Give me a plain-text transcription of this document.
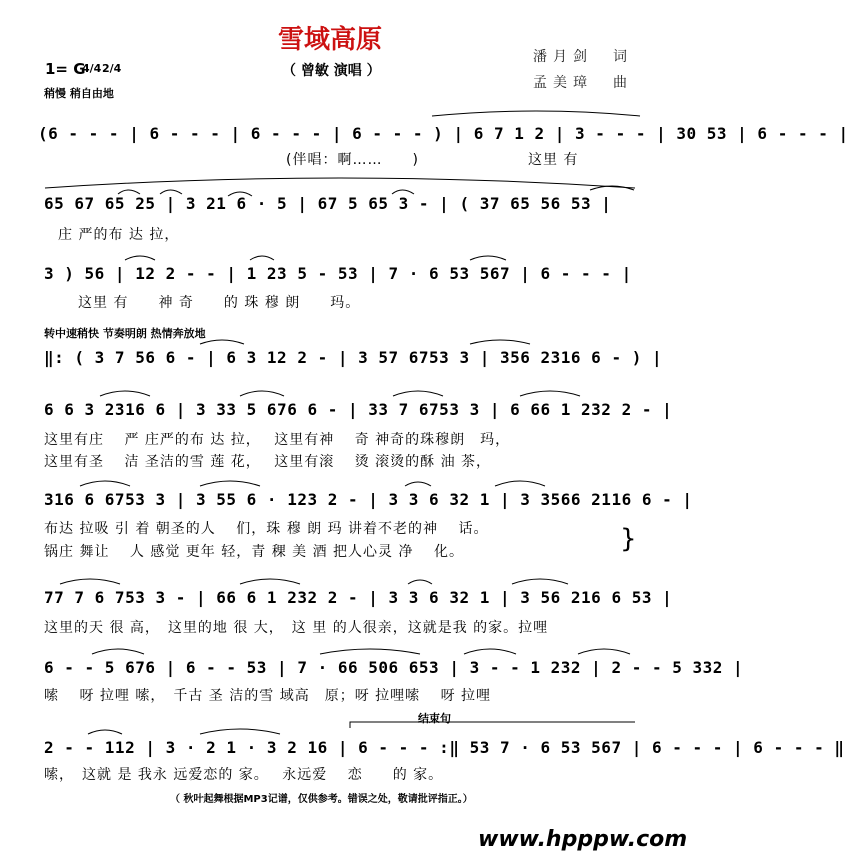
雪域高原
（ 曾敏 演唱 ）
潘月剑　词
孟美璋　曲
1= G
4/4 2/4
稍慢 稍自由地
(6 - - - | 6 - - - | 6 - - - | 6 - - - ) | 6 7 1 2 | 3 - - - | 30 53 | 6 - - - |
(伴唱：啊……　　)	这里 有
65 67 65 25 | 3 21 6 · 5 | 67 5 65 3 - | ( 37 65 56 53 |
庄 严的布 达 拉，
3 ) 56 | 12 2 - - | 1 23 5 - 53 | 7 · 6 53 567 | 6 - - - |
这里 有　　神 奇　　的 珠 穆 朗　　玛。
转中速稍快 节奏明朗 热情奔放地
‖: ( 3 7 56 6 - | 6 3 12 2 - | 3 57 6753 3 | 356 2316 6 - ) |
6 6 3 2316 6 | 3 33 5 676 6 - | 33 7 6753 3 | 6 66 1 232 2 - |
这里有庄　 严 庄严的布 达 拉，　 这里有神　 奇 神奇的珠穆朗　玛，
这里有圣　 洁 圣洁的雪 莲 花，　 这里有滚　 烫 滚烫的酥 油 茶，
316 6 6753 3 | 3 55 6 · 123 2 - | 3 3 6 32 1 | 3 3566 2116 6 - |
布达 拉吸 引 着 朝圣的人　 们，珠 穆 朗 玛 讲着不老的神　 话。
锅庄 舞让　 人 感觉 更年 轻，青 稞 美 酒 把人心灵 净　 化。	}
77 7 6 753 3 - | 66 6 1 232 2 - | 3 3 6 32 1 | 3 56 216 6 53 |
这里的天 很 高，　这里的地 很 大，　这 里 的人很亲，这就是我 的家。拉哩
6 - - 5 676 | 6 - - 53 | 7 · 66 506 653 | 3 - - 1 232 | 2 - - 5 332 |
嗦　 呀 拉哩 嗦，　千古 圣 洁的雪 域高　原；呀 拉哩嗦　 呀 拉哩
结束句
2 - - 112 | 3 · 2 1 · 3 2 16 | 6 - - - :‖ 53 7 · 6 53 567 | 6 - - - | 6 - - - ‖
嗦，　这就 是 我永 远爱恋的 家。　 永远爱　 恋　　的 家。
（ 秋叶起舞根据MP3记谱，仅供参考。错误之处，敬请批评指正。）
www.hpppw.com
